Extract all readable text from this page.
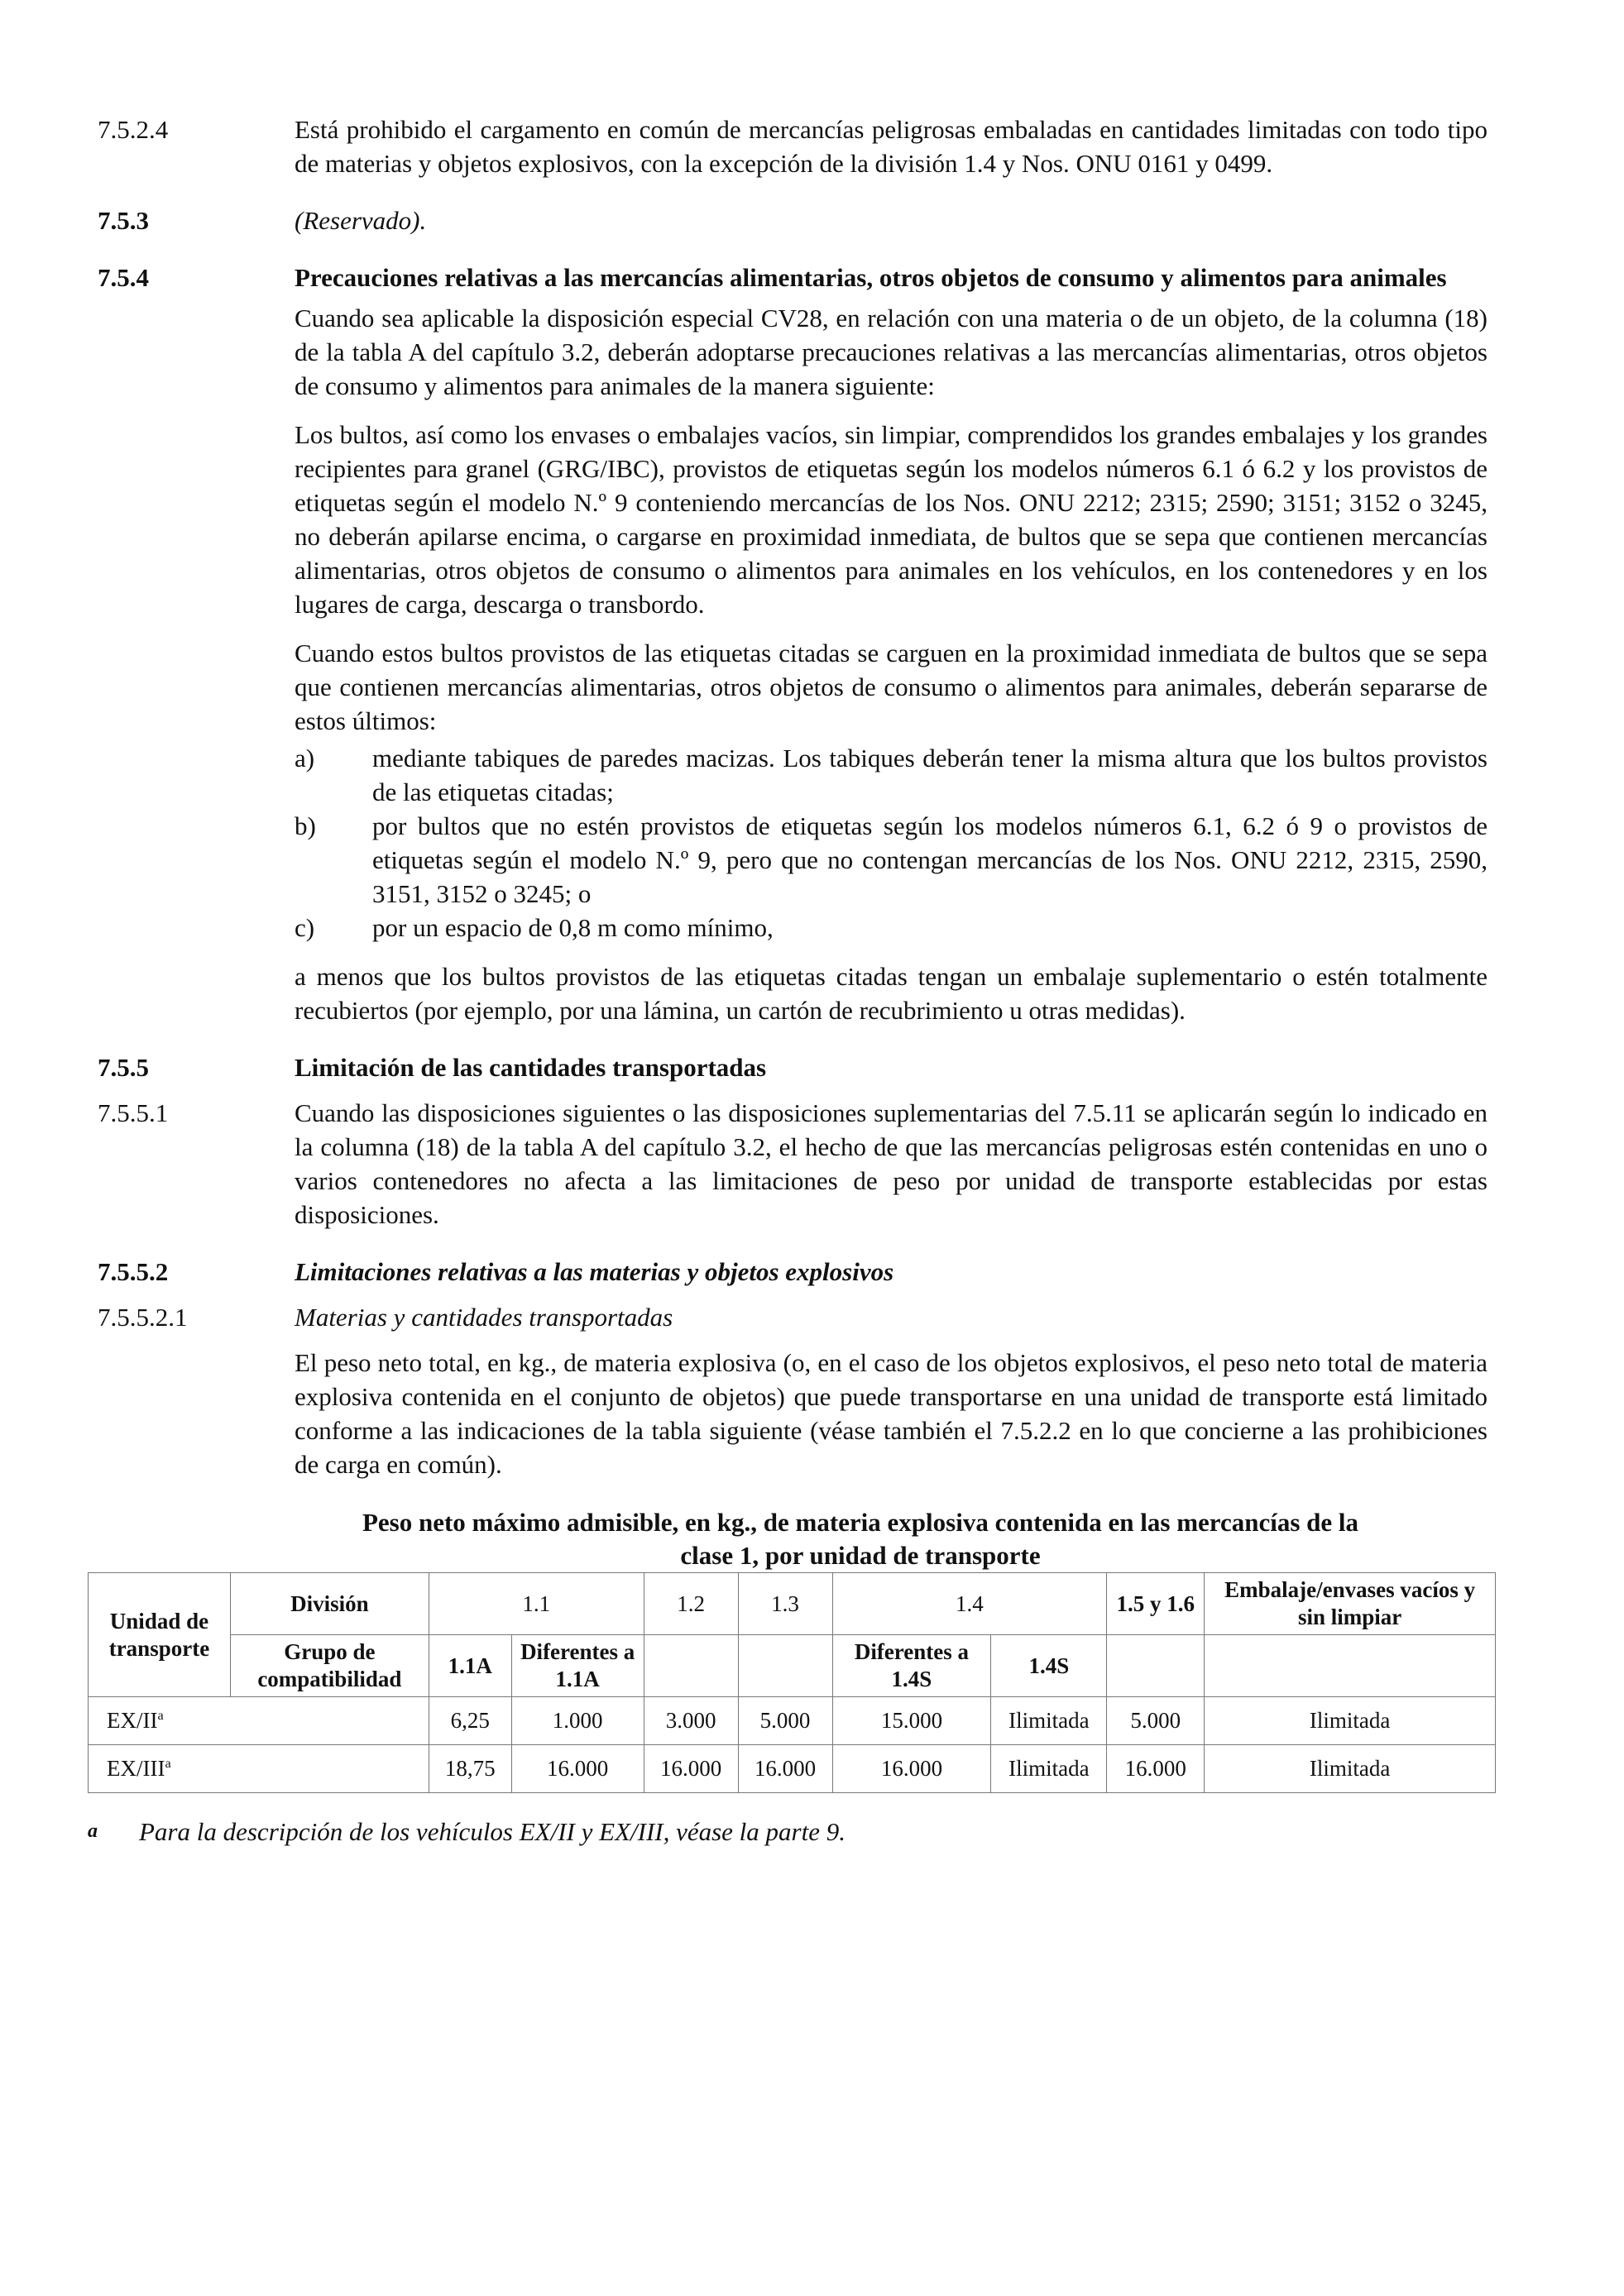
7.5.2.4	Está prohibido el cargamento en común de mercancías peligrosas embaladas en cantidades limitadas con todo tipo de materias y objetos explosivos, con la excepción de la división 1.4 y Nos. ONU 0161 y 0499.
7.5.3	(Reservado).
7.5.4	Precauciones relativas a las mercancías alimentarias, otros objetos de consumo y alimentos para animales

Cuando sea aplicable la disposición especial CV28, en relación con una materia o de un objeto, de la columna (18) de la tabla A del capítulo 3.2, deberán adoptarse precauciones relativas a las mercancías alimentarias, otros objetos de consumo y alimentos para animales de la manera siguiente:

Los bultos, así como los envases o embalajes vacíos, sin limpiar, comprendidos los grandes embalajes y los grandes recipientes para granel (GRG/IBC), provistos de etiquetas según los modelos números 6.1 ó 6.2 y los provistos de etiquetas según el modelo N.º 9 conteniendo mercancías de los Nos. ONU 2212; 2315; 2590; 3151; 3152 o 3245, no deberán apilarse encima, o cargarse en proximidad inmediata, de bultos que se sepa que contienen mercancías alimentarias, otros objetos de consumo o alimentos para animales en los vehículos, en los contenedores y en los lugares de carga, descarga o transbordo.

Cuando estos bultos provistos de las etiquetas citadas se carguen en la proximidad inmediata de bultos que se sepa que contienen mercancías alimentarias, otros objetos de consumo o alimentos para animales, deberán separarse de estos últimos:

a)	mediante tabiques de paredes macizas. Los tabiques deberán tener la misma altura que los bultos provistos de las etiquetas citadas;
b)	por bultos que no estén provistos de etiquetas según los modelos números 6.1, 6.2 ó 9 o provistos de etiquetas según el modelo N.º 9, pero que no contengan mercancías de los Nos. ONU 2212, 2315, 2590, 3151, 3152 o 3245; o
c)	por un espacio de 0,8 m como mínimo,

a menos que los bultos provistos de las etiquetas citadas tengan un embalaje suplementario o estén totalmente recubiertos (por ejemplo, por una lámina, un cartón de recubrimiento u otras medidas).

7.5.5	Limitación de las cantidades transportadas
7.5.5.1	Cuando las disposiciones siguientes o las disposiciones suplementarias del 7.5.11 se aplicarán según lo indicado en la columna (18) de la tabla A del capítulo 3.2, el hecho de que las mercancías peligrosas estén contenidas en uno o varios contenedores no afecta a las limitaciones de peso por unidad de transporte establecidas por estas disposiciones.
7.5.5.2	Limitaciones relativas a las materias y objetos explosivos
7.5.5.2.1	Materias y cantidades transportadas

El peso neto total, en kg., de materia explosiva (o, en el caso de los objetos explosivos, el peso neto total de materia explosiva contenida en el conjunto de objetos) que puede transportarse en una unidad de transporte está limitado conforme a las indicaciones de la tabla siguiente (véase también el 7.5.2.2 en lo que concierne a las prohibiciones de carga en común).

Peso neto máximo admisible, en kg., de materia explosiva contenida en las mercancías de la
clase 1, por unidad de transporte
Unidad de transporte	División	1.1		1.2	1.3	1.4		1.5 y 1.6	Embalaje/envases vacíos y sin limpiar
	Grupo de compatibilidad	1.1A	Diferentes a 1.1A			Diferentes a 1.4S	1.4S		
$EX/II^a$		6,25	1.000	3.000	5.000	15.000	Ilimitada	5.000	Ilimitada
EX/III$^a$		18,75	16.000	16.000	16.000	16.000	Ilimitada	16.000	Ilimitada
a	Para la descripción de los vehículos EX/II y EX/III, véase la parte 9.
